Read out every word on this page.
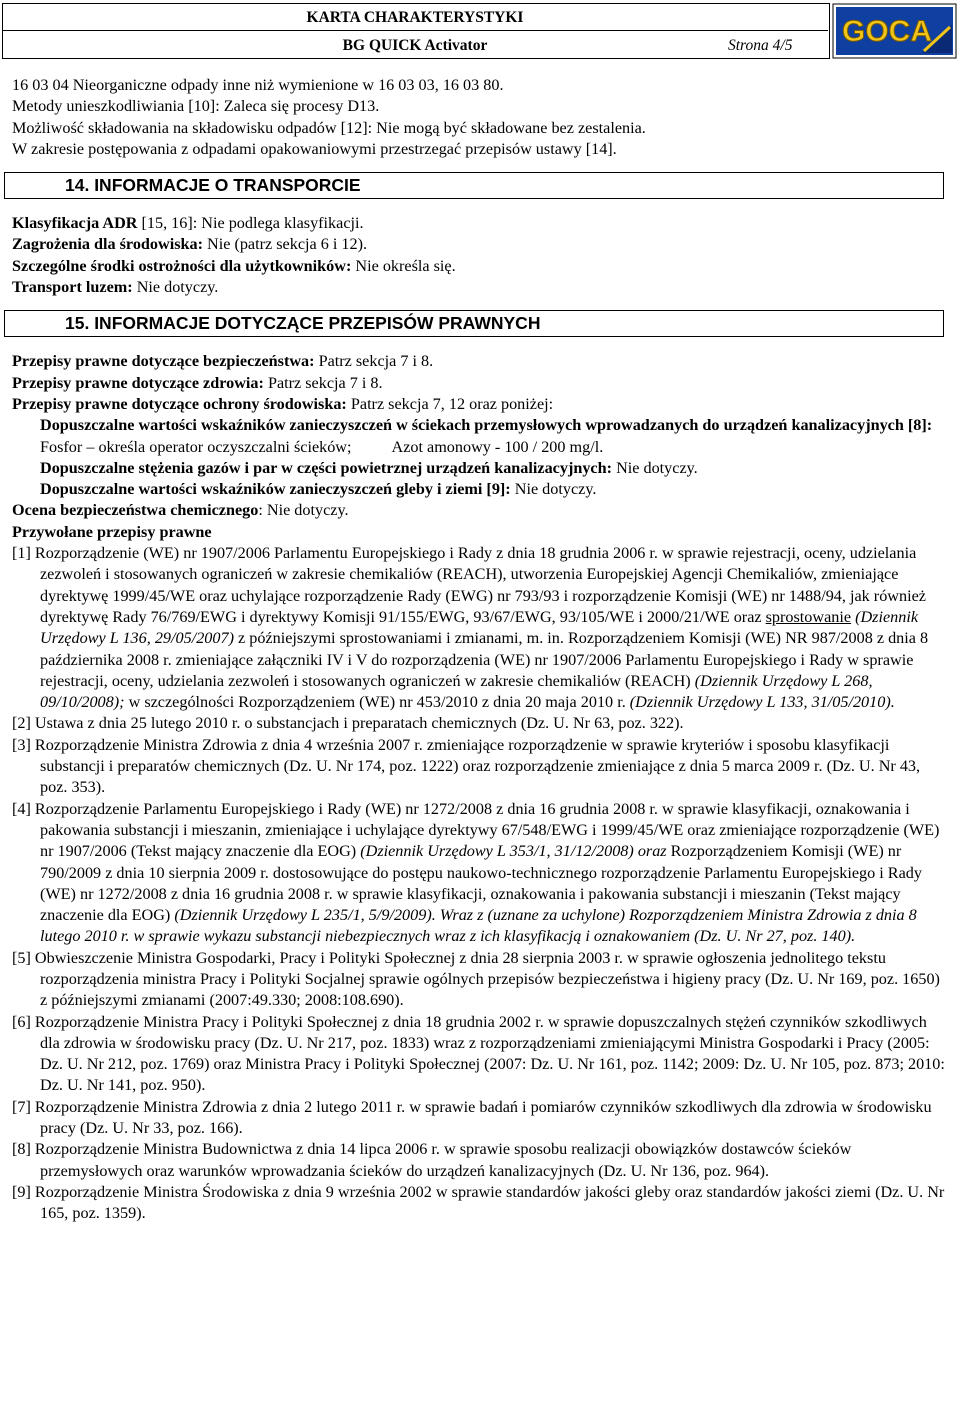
KARTA CHARAKTERYSTYKI
BG QUICK Activator	Strona 4/5 GOCA

16 03 04 Nieorganiczne odpady inne niż wymienione w 16 03 03, 16 03 80.

Metody unieszkodliwiania [10]: Zaleca się procesy D13.

Możliwość składowania na składowisku odpadów [12]: Nie mogą być składowane bez zestalenia.

W zakresie postępowania z odpadami opakowaniowymi przestrzegać przepisów ustawy [14].

14. INFORMACJE O TRANSPORCIE

Klasyfikacja ADR [15, 16]: Nie podlega klasyfikacji.

Zagrożenia dla środowiska: Nie (patrz sekcja 6 i 12).

Szczególne środki ostrożności dla użytkowników: Nie określa się.

Transport luzem: Nie dotyczy.

15. INFORMACJE DOTYCZĄCE PRZEPISÓW PRAWNYCH

Przepisy prawne dotyczące bezpieczeństwa: Patrz sekcja 7 i 8.

Przepisy prawne dotyczące zdrowia: Patrz sekcja 7 i 8.

Przepisy prawne dotyczące ochrony środowiska: Patrz sekcja 7, 12 oraz poniżej:

Dopuszczalne wartości wskaźników zanieczyszczeń w ściekach przemysłowych wprowadzanych do urządzeń kanalizacyjnych [8]:

Fosfor – określa operator oczyszczalni ścieków; Azot amonowy - 100 / 200 mg/l.

Dopuszczalne stężenia gazów i par w części powietrznej urządzeń kanalizacyjnych: Nie dotyczy.

Dopuszczalne wartości wskaźników zanieczyszczeń gleby i ziemi [9]: Nie dotyczy.

Ocena bezpieczeństwa chemicznego: Nie dotyczy.

Przywołane przepisy prawne

[1] Rozporządzenie (WE) nr 1907/2006 Parlamentu Europejskiego i Rady z dnia 18 grudnia 2006 r. w sprawie rejestracji, oceny, udzielania zezwoleń i stosowanych ograniczeń w zakresie chemikaliów (REACH), utworzenia Europejskiej Agencji Chemikaliów, zmieniające dyrektywę 1999/45/WE oraz uchylające rozporządzenie Rady (EWG) nr 793/93 i rozporządzenie Komisji (WE) nr 1488/94, jak również dyrektywę Rady 76/769/EWG i dyrektywy Komisji 91/155/EWG, 93/67/EWG, 93/105/WE i 2000/21/WE oraz sprostowanie (Dziennik Urzędowy L 136, 29/05/2007) z późniejszymi sprostowaniami i zmianami, m. in. Rozporządzeniem Komisji (WE) NR 987/2008 z dnia 8 października 2008 r. zmieniające załączniki IV i V do rozporządzenia (WE) nr 1907/2006 Parlamentu Europejskiego i Rady w sprawie rejestracji, oceny, udzielania zezwoleń i stosowanych ograniczeń w zakresie chemikaliów (REACH) (Dziennik Urzędowy L 268, 09/10/2008); w szczególności Rozporządzeniem (WE) nr 453/2010 z dnia 20 maja 2010 r. (Dziennik Urzędowy L 133, 31/05/2010).

[2] Ustawa z dnia 25 lutego 2010 r. o substancjach i preparatach chemicznych (Dz. U. Nr 63, poz. 322).

[3] Rozporządzenie Ministra Zdrowia z dnia 4 września 2007 r. zmieniające rozporządzenie w sprawie kryteriów i sposobu klasyfikacji substancji i preparatów chemicznych (Dz. U. Nr 174, poz. 1222) oraz rozporządzenie zmieniające z dnia 5 marca 2009 r. (Dz. U. Nr 43, poz. 353).

[4] Rozporządzenie Parlamentu Europejskiego i Rady (WE) nr 1272/2008 z dnia 16 grudnia 2008 r. w sprawie klasyfikacji, oznakowania i pakowania substancji i mieszanin, zmieniające i uchylające dyrektywy 67/548/EWG i 1999/45/WE oraz zmieniające rozporządzenie (WE) nr 1907/2006 (Tekst mający znaczenie dla EOG) (Dziennik Urzędowy L 353/1, 31/12/2008) oraz Rozporządzeniem Komisji (WE) nr 790/2009 z dnia 10 sierpnia 2009 r. dostosowujące do postępu naukowo-technicznego rozporządzenie Parlamentu Europejskiego i Rady (WE) nr 1272/2008 z dnia 16 grudnia 2008 r. w sprawie klasyfikacji, oznakowania i pakowania substancji i mieszanin (Tekst mający znaczenie dla EOG) (Dziennik Urzędowy L 235/1, 5/9/2009). Wraz z (uznane za uchylone) Rozporządzeniem Ministra Zdrowia z dnia 8 lutego 2010 r. w sprawie wykazu substancji niebezpiecznych wraz z ich klasyfikacją i oznakowaniem (Dz. U. Nr 27, poz. 140).

[5] Obwieszczenie Ministra Gospodarki, Pracy i Polityki Społecznej z dnia 28 sierpnia 2003 r. w sprawie ogłoszenia jednolitego tekstu rozporządzenia ministra Pracy i Polityki Socjalnej sprawie ogólnych przepisów bezpieczeństwa i higieny pracy (Dz. U. Nr 169, poz. 1650) z późniejszymi zmianami (2007:49.330; 2008:108.690).

[6] Rozporządzenie Ministra Pracy i Polityki Społecznej z dnia 18 grudnia 2002 r. w sprawie dopuszczalnych stężeń czynników szkodliwych dla zdrowia w środowisku pracy (Dz. U. Nr 217, poz. 1833) wraz z rozporządzeniami zmieniającymi Ministra Gospodarki i Pracy (2005: Dz. U. Nr 212, poz. 1769) oraz Ministra Pracy i Polityki Społecznej (2007: Dz. U. Nr 161, poz. 1142; 2009: Dz. U. Nr 105, poz. 873; 2010: Dz. U. Nr 141, poz. 950).

[7] Rozporządzenie Ministra Zdrowia z dnia 2 lutego 2011 r. w sprawie badań i pomiarów czynników szkodliwych dla zdrowia w środowisku pracy (Dz. U. Nr 33, poz. 166).

[8] Rozporządzenie Ministra Budownictwa z dnia 14 lipca 2006 r. w sprawie sposobu realizacji obowiązków dostawców ścieków przemysłowych oraz warunków wprowadzania ścieków do urządzeń kanalizacyjnych (Dz. U. Nr 136, poz. 964).

[9] Rozporządzenie Ministra Środowiska z dnia 9 września 2002 w sprawie standardów jakości gleby oraz standardów jakości ziemi (Dz. U. Nr 165, poz. 1359).
